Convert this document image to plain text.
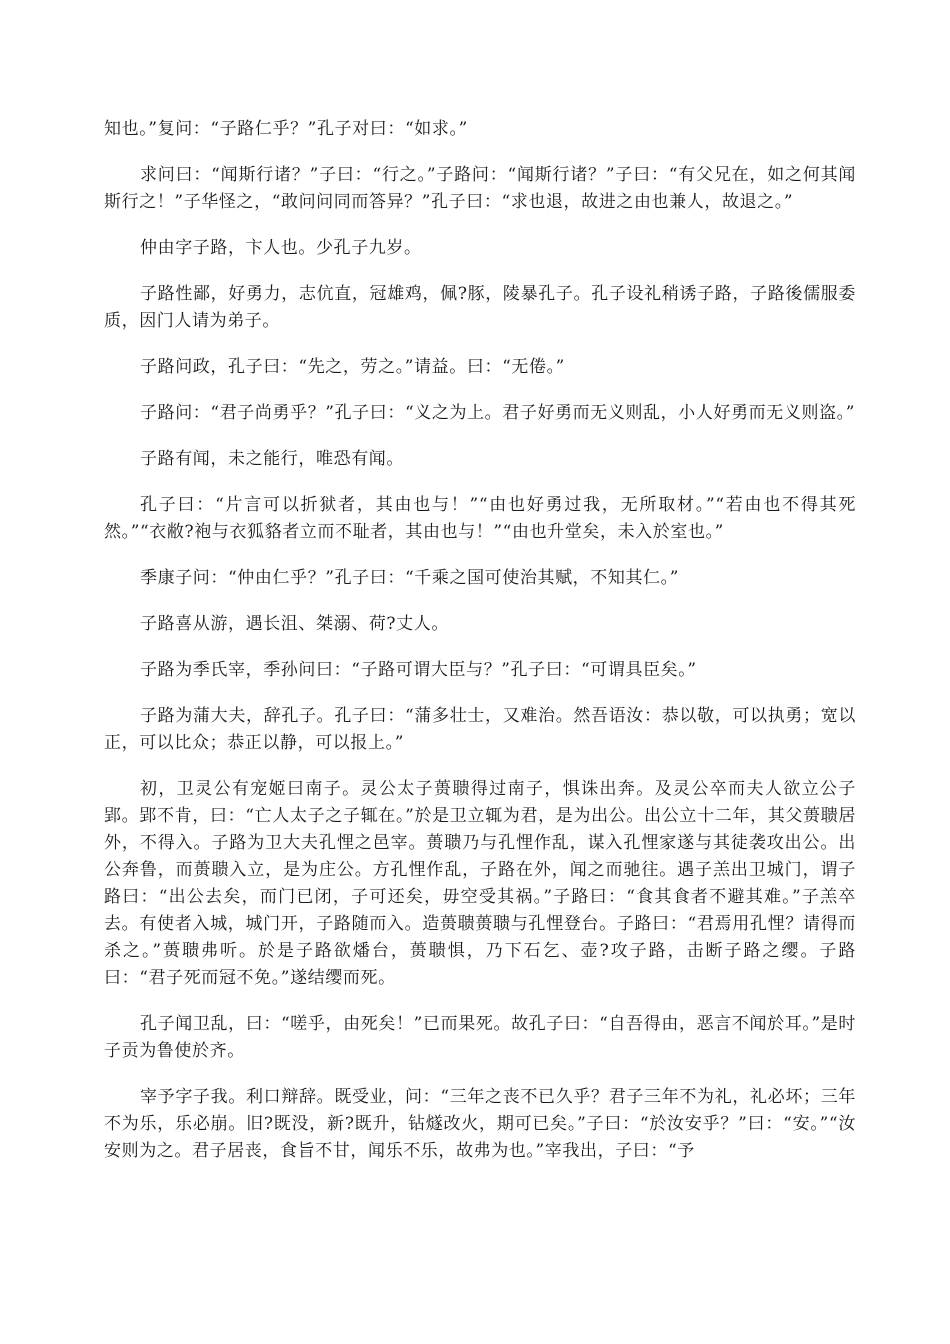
知也。”复问：“子路仁乎？”孔子对曰：“如求。”

求问曰：“闻斯行诸？”子曰：“行之。”子路问：“闻斯行诸？”子曰：“有父兄在，如之何其闻斯行之！”子华怪之，“敢问问同而答异？”孔子曰：“求也退，故进之由也兼人，故退之。”

仲由字子路，卞人也。少孔子九岁。

子路性鄙，好勇力，志伉直，冠雄鸡，佩?豚，陵暴孔子。孔子设礼稍诱子路，子路後儒服委质，因门人请为弟子。

子路问政，孔子曰：“先之，劳之。”请益。曰：“无倦。”

子路问：“君子尚勇乎？”孔子曰：“义之为上。君子好勇而无义则乱，小人好勇而无义则盗。”

子路有闻，未之能行，唯恐有闻。

孔子曰：“片言可以折狱者，其由也与！”“由也好勇过我，无所取材。”“若由也不得其死然。”“衣敝?袍与衣狐貉者立而不耻者，其由也与！”“由也升堂矣，未入於室也。”

季康子问：“仲由仁乎？”孔子曰：“千乘之国可使治其赋，不知其仁。”

子路喜从游，遇长沮、桀溺、荷?丈人。

子路为季氏宰，季孙问曰：“子路可谓大臣与？”孔子曰：“可谓具臣矣。”

子路为蒲大夫，辞孔子。孔子曰：“蒲多壮士，又难治。然吾语汝：恭以敬，可以执勇；宽以正，可以比众；恭正以静，可以报上。”

初，卫灵公有宠姬曰南子。灵公太子蒉聩得过南子，惧诛出奔。及灵公卒而夫人欲立公子郢。郢不肯，曰：“亡人太子之子辄在。”於是卫立辄为君，是为出公。出公立十二年，其父蒉聩居外，不得入。子路为卫大夫孔悝之邑宰。蒉聩乃与孔悝作乱，谋入孔悝家遂与其徒袭攻出公。出公奔鲁，而蒉聩入立，是为庄公。方孔悝作乱，子路在外，闻之而驰往。遇子羔出卫城门，谓子路曰：“出公去矣，而门已闭，子可还矣，毋空受其祸。”子路曰：“食其食者不避其难。”子羔卒去。有使者入城，城门开，子路随而入。造蒉聩蒉聩与孔悝登台。子路曰：“君焉用孔悝？请得而杀之。”蒉聩弗听。於是子路欲燔台，蒉聩惧，乃下石乞、壶?攻子路，击断子路之缨。子路曰：“君子死而冠不免。”遂结缨而死。

孔子闻卫乱，曰：“嗟乎，由死矣！”已而果死。故孔子曰：“自吾得由，恶言不闻於耳。”是时子贡为鲁使於齐。

宰予字子我。利口辩辞。既受业，问：“三年之丧不已久乎？君子三年不为礼，礼必坏；三年不为乐，乐必崩。旧?既没，新?既升，钻燧改火，期可已矣。”子曰：“於汝安乎？”曰：“安。”“汝安则为之。君子居丧，食旨不甘，闻乐不乐，故弗为也。”宰我出，子曰：“予
